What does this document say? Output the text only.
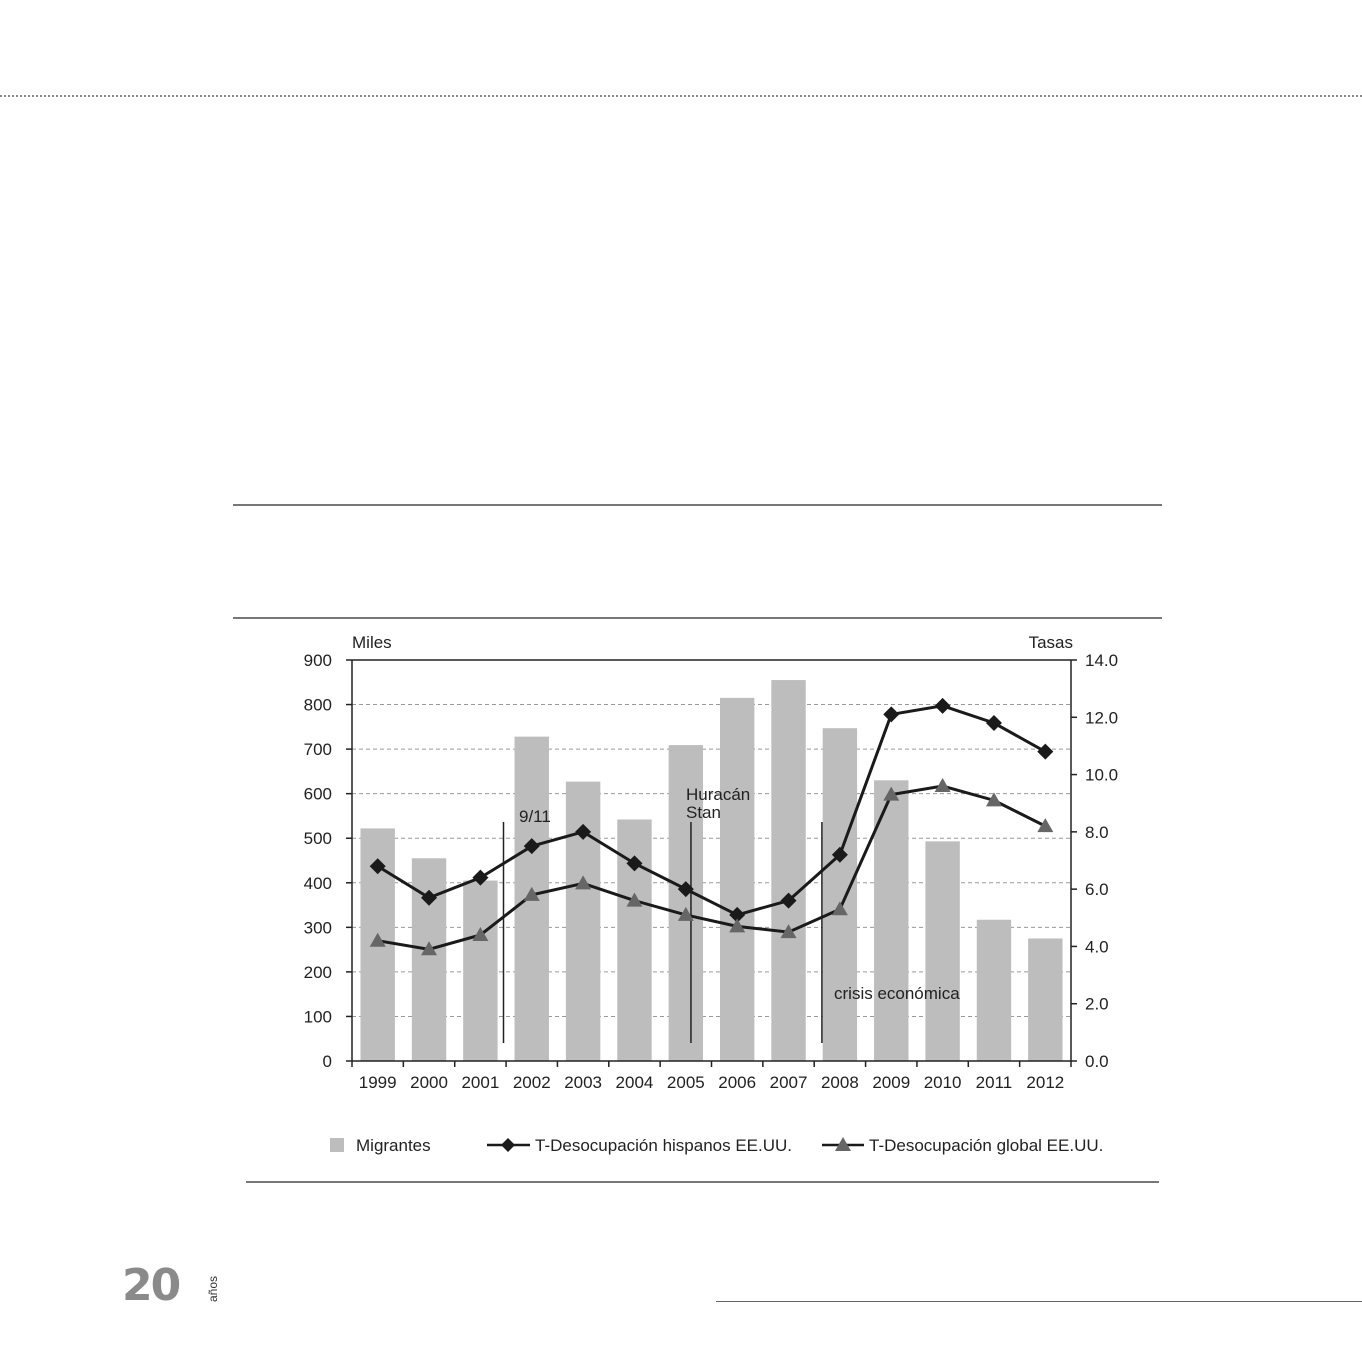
0
100
200
300
400
500
600
700
800
900
0.0
2.0
4.0
6.0
8.0
10.0
12.0
14.0
1999 2000 2001 2002 2003 2004 2005 2006 2007 2008 2009 2010 2011 2012
Miles	Tasas
9/11
Huracán
Stan
crisis económica
Migrantes	T-Desocupación hispanos EE.UU.	T-Desocupación global EE.UU.
20 años
